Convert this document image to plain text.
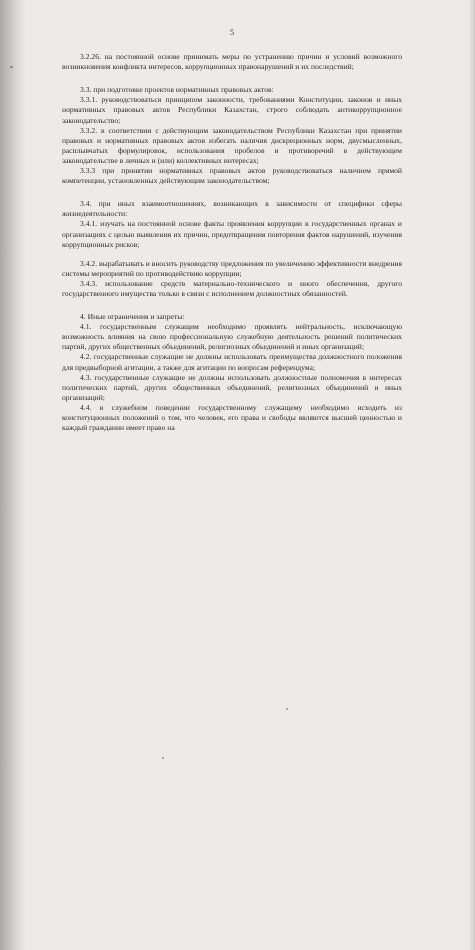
5

3.2.26. на постоянной основе принимать меры по устранению причин и условий возможного возникновения конфликта интересов, коррупционных правонарушений и их последствий;

3.3. при подготовке проектов нормативных правовых актов:

3.3.1. руководствоваться принципом законности, требованиями Конституции, законов и иных нормативных правовых актов Республики Казахстан, строго соблюдать антикоррупционное законодательство;

3.3.2. в соответствии с действующим законодательством Республики Казахстан при принятии правовых и нормативных правовых актов избегать наличия дискреционных норм, двусмысленных, расплывчатых формулировок, использования пробелов и противоречий в действующем законодательстве в личных и (или) коллективных интересах;

3.3.3 при принятии нормативных правовых актов руководствоваться наличием прямой компетенции, установленных действующим законодательством;

3.4. при иных взаимоотношениях, возникающих в зависимости от специфики сферы жизнедеятельности:

3.4.1. изучать на постоянной основе факты проявления коррупции в государственных органах и организациях с целью выявления их причин, предотвращения повторения фактов нарушений, изучения коррупционных рисков;

3.4.2. вырабатывать и вносить руководству предложения по увеличению эффективности внедрения системы мероприятий по противодействию коррупции;

3.4.3. использование средств материально-технического и иного обеспечения, другого государственного имущества только в связи с исполнением должностных обязанностей.

4. Иные ограничения и запреты:

4.1. государственным служащим необходимо проявлять нейтральность, исключающую возможность влияния на свою профессиональную служебную деятельность решений политических партий, других общественных объединений, религиозных объединений и иных организаций;

4.2. государственные служащие не должны использовать преимущества должностного положения для предвыборной агитации, а также для агитации по вопросам референдума;

4.3. государственные служащие не должны использовать должностные полномочия в интересах политических партий, других общественных объединений, религиозных объединений и иных организаций;

4.4. в служебном поведении государственному служащему необходимо исходить из конституционных положений о том, что человек, его права и свободы являются высшей ценностью и каждый гражданин имеет право на
